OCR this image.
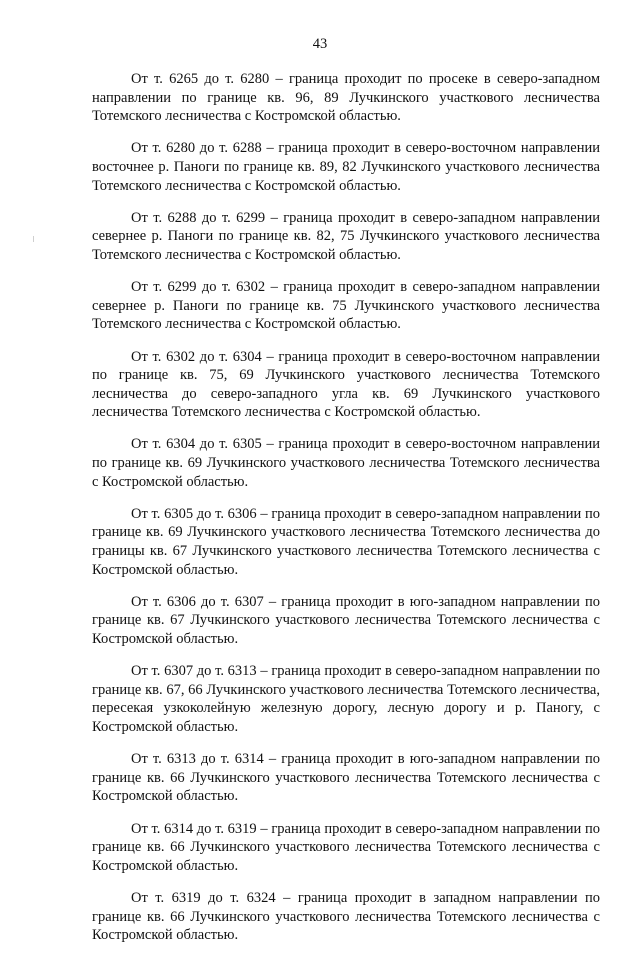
43

От т. 6265 до т. 6280 – граница проходит по просеке в северо-западном направлении по границе кв. 96, 89 Лучкинского участкового лесничества Тотемского лесничества с Костромской областью.

От т. 6280 до т. 6288 – граница проходит в северо-восточном направлении восточнее р. Паноги по границе кв. 89, 82 Лучкинского участкового лесничества Тотемского лесничества с Костромской областью.

От т. 6288 до т. 6299 – граница проходит в северо-западном направлении севернее р. Паноги по границе кв. 82, 75 Лучкинского участкового лесничества Тотемского лесничества с Костромской областью.

От т. 6299 до т. 6302 – граница проходит в северо-западном направлении севернее р. Паноги по границе кв. 75 Лучкинского участкового лесничества Тотемского лесничества с Костромской областью.

От т. 6302 до т. 6304 – граница проходит в северо-восточном направлении по границе кв. 75, 69 Лучкинского участкового лесничества Тотемского лесничества до северо-западного угла кв. 69 Лучкинского участкового лесничества Тотемского лесничества с Костромской областью.

От т. 6304 до т. 6305 – граница проходит в северо-восточном направлении по границе кв. 69 Лучкинского участкового лесничества Тотемского лесничества с Костромской областью.

От т. 6305 до т. 6306 – граница проходит в северо-западном направлении по границе кв. 69 Лучкинского участкового лесничества Тотемского лесничества до границы кв. 67 Лучкинского участкового лесничества Тотемского лесничества с Костромской областью.

От т. 6306 до т. 6307 – граница проходит в юго-западном направлении по границе кв. 67 Лучкинского участкового лесничества Тотемского лесничества с Костромской областью.

От т. 6307 до т. 6313 – граница проходит в северо-западном направлении по границе кв. 67, 66 Лучкинского участкового лесничества Тотемского лесничества, пересекая узкоколейную железную дорогу, лесную дорогу и р. Паногу, с Костромской областью.

От т. 6313 до т. 6314 – граница проходит в юго-западном направлении по границе кв. 66 Лучкинского участкового лесничества Тотемского лесничества с Костромской областью.

От т. 6314 до т. 6319 – граница проходит в северо-западном направлении по границе кв. 66 Лучкинского участкового лесничества Тотемского лесничества с Костромской областью.

От т. 6319 до т. 6324 – граница проходит в западном направлении по границе кв. 66 Лучкинского участкового лесничества Тотемского лесничества с Костромской областью.
